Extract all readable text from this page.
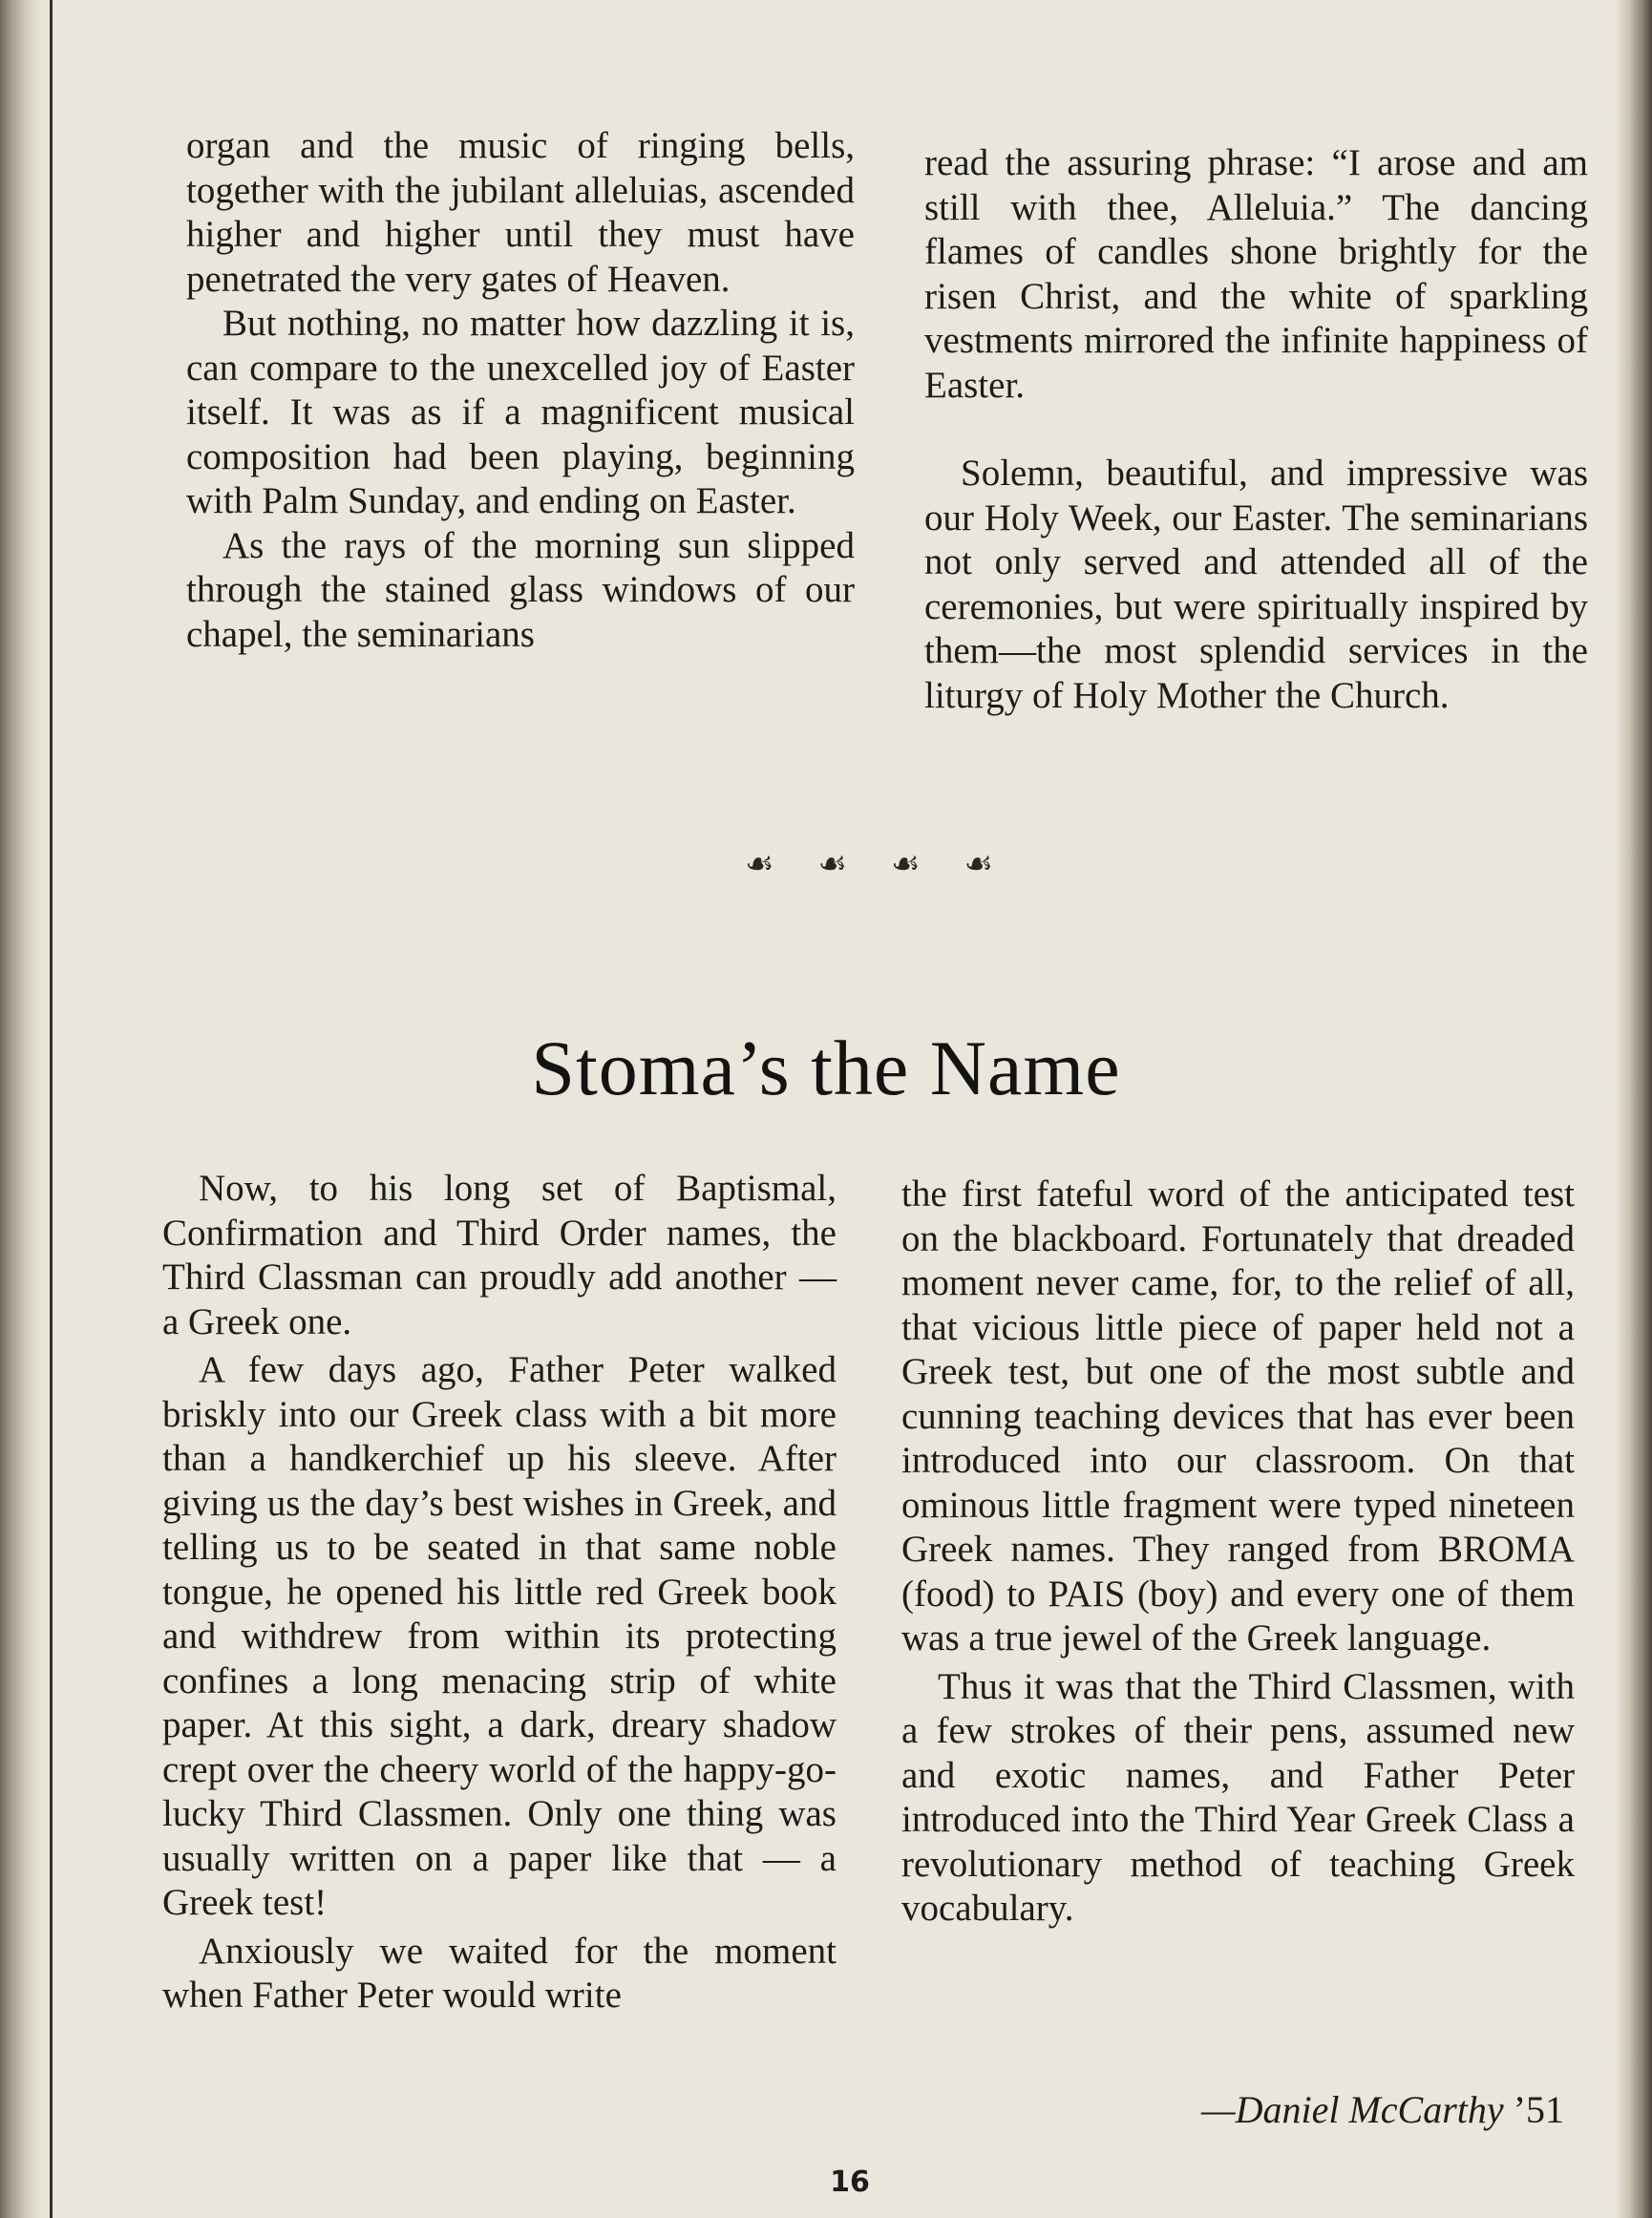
organ and the music of ringing bells, together with the jubilant alleluias, ascended higher and higher until they must have penetrated the very gates of Heaven.

But nothing, no matter how dazzling it is, can compare to the unexcelled joy of Easter itself. It was as if a magnificent musical composition had been playing, beginning with Palm Sunday, and ending on Easter.

As the rays of the morning sun slipped through the stained glass windows of our chapel, the seminarians

read the assuring phrase: “I arose and am still with thee, Alleluia.” The dancing flames of candles shone brightly for the risen Christ, and the white of sparkling vestments mirrored the infinite happiness of Easter.

Solemn, beautiful, and impressive was our Holy Week, our Easter. The seminarians not only served and attended all of the ceremonies, but were spiritually inspired by them—the most splendid services in the liturgy of Holy Mother the Church.

☙ ☙ ☙ ☙
Stoma’s the Name

Now, to his long set of Baptismal, Confirmation and Third Order names, the Third Classman can proudly add another — a Greek one.

A few days ago, Father Peter walked briskly into our Greek class with a bit more than a handkerchief up his sleeve. After giving us the day’s best wishes in Greek, and telling us to be seated in that same noble tongue, he opened his little red Greek book and withdrew from within its protecting confines a long menacing strip of white paper. At this sight, a dark, dreary shadow crept over the cheery world of the happy-go-lucky Third Classmen. Only one thing was usually written on a paper like that — a Greek test!

Anxiously we waited for the moment when Father Peter would write

the first fateful word of the anticipated test on the blackboard. Fortunately that dreaded moment never came, for, to the relief of all, that vicious little piece of paper held not a Greek test, but one of the most subtle and cunning teaching devices that has ever been introduced into our classroom. On that ominous little fragment were typed nineteen Greek names. They ranged from BROMA (food) to PAIS (boy) and every one of them was a true jewel of the Greek language.

Thus it was that the Third Classmen, with a few strokes of their pens, assumed new and exotic names, and Father Peter introduced into the Third Year Greek Class a revolutionary method of teaching Greek vocabulary.

—Daniel McCarthy ’51
16
